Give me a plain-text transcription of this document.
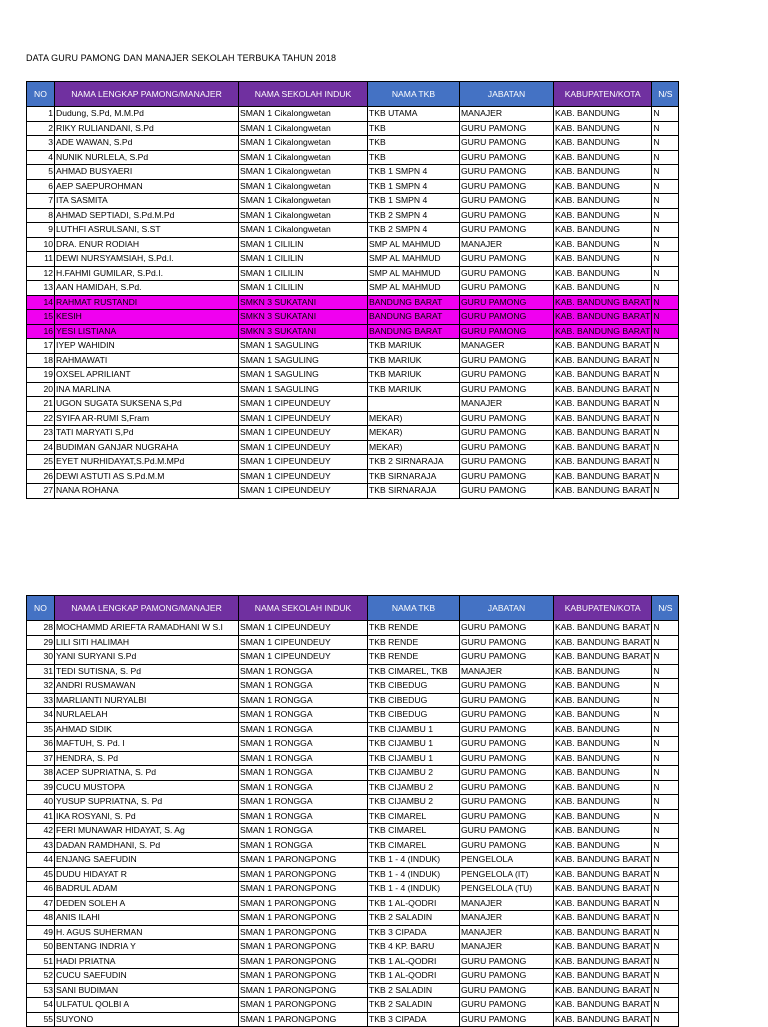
DATA GURU PAMONG DAN MANAJER SEKOLAH TERBUKA TAHUN 2018
NO	NAMA LENGKAP PAMONG/MANAJER	NAMA SEKOLAH INDUK	NAMA TKB	JABATAN	KABUPATEN/KOTA	N/S
1	Dudung, S.Pd, M.M.Pd	SMAN 1 Cikalongwetan	TKB UTAMA	MANAJER	KAB. BANDUNG	N
2	RIKY RULIANDANI, S.Pd	SMAN 1 Cikalongwetan	TKB	GURU PAMONG	KAB. BANDUNG	N
3	ADE WAWAN, S.Pd	SMAN 1 Cikalongwetan	TKB	GURU PAMONG	KAB. BANDUNG	N
4	NUNIK NURLELA, S.Pd	SMAN 1 Cikalongwetan	TKB	GURU PAMONG	KAB. BANDUNG	N
5	AHMAD BUSYAERI	SMAN 1 Cikalongwetan	TKB 1 SMPN 4	GURU PAMONG	KAB. BANDUNG	N
6	AEP SAEPUROHMAN	SMAN 1 Cikalongwetan	TKB 1 SMPN 4	GURU PAMONG	KAB. BANDUNG	N
7	ITA SASMITA	SMAN 1 Cikalongwetan	TKB 1 SMPN 4	GURU PAMONG	KAB. BANDUNG	N
8	AHMAD SEPTIADI, S.Pd.M.Pd	SMAN 1 Cikalongwetan	TKB 2 SMPN 4	GURU PAMONG	KAB. BANDUNG	N
9	LUTHFI ASRULSANI, S.ST	SMAN 1 Cikalongwetan	TKB 2 SMPN 4	GURU PAMONG	KAB. BANDUNG	N
10	DRA. ENUR RODIAH	SMAN 1 CILILIN	SMP AL MAHMUD	MANAJER	KAB. BANDUNG	N
11	DEWI NURSYAMSIAH, S.Pd.I.	SMAN 1 CILILIN	SMP AL MAHMUD	GURU PAMONG	KAB. BANDUNG	N
12	H.FAHMI GUMILAR, S.Pd.I.	SMAN 1 CILILIN	SMP AL MAHMUD	GURU PAMONG	KAB. BANDUNG	N
13	AAN HAMIDAH, S.Pd.	SMAN 1 CILILIN	SMP AL MAHMUD	GURU PAMONG	KAB. BANDUNG	N
14	RAHMAT RUSTANDI	SMKN 3 SUKATANI	BANDUNG BARAT	GURU PAMONG	KAB. BANDUNG BARAT	N
15	KESIH	SMKN 3 SUKATANI	BANDUNG BARAT	GURU PAMONG	KAB. BANDUNG BARAT	N
16	YESI LISTIANA	SMKN 3 SUKATANI	BANDUNG BARAT	GURU PAMONG	KAB. BANDUNG BARAT	N
17	IYEP WAHIDIN	SMAN 1 SAGULING	TKB MARIUK	MANAGER	KAB. BANDUNG BARAT	N
18	RAHMAWATI	SMAN 1 SAGULING	TKB MARIUK	GURU PAMONG	KAB. BANDUNG BARAT	N
19	OXSEL APRILIANT	SMAN 1 SAGULING	TKB MARIUK	GURU PAMONG	KAB. BANDUNG BARAT	N
20	INA MARLINA	SMAN 1 SAGULING	TKB MARIUK	GURU PAMONG	KAB. BANDUNG BARAT	N
21	UGON SUGATA SUKSENA S,Pd	SMAN 1 CIPEUNDEUY		MANAJER	KAB. BANDUNG BARAT	N
22	SYIFA AR-RUMI S,Fram	SMAN 1 CIPEUNDEUY	MEKAR)	GURU PAMONG	KAB. BANDUNG BARAT	N
23	TATI MARYATI S,Pd	SMAN 1 CIPEUNDEUY	MEKAR)	GURU PAMONG	KAB. BANDUNG BARAT	N
24	BUDIMAN GANJAR NUGRAHA	SMAN 1 CIPEUNDEUY	MEKAR)	GURU PAMONG	KAB. BANDUNG BARAT	N
25	EYET NURHIDAYAT,S.Pd.M.MPd	SMAN 1 CIPEUNDEUY	TKB 2 SIRNARAJA	GURU PAMONG	KAB. BANDUNG BARAT	N
26	DEWI ASTUTI AS S.Pd.M.M	SMAN 1 CIPEUNDEUY	TKB SIRNARAJA	GURU PAMONG	KAB. BANDUNG BARAT	N
27	NANA ROHANA	SMAN 1 CIPEUNDEUY	TKB SIRNARAJA	GURU PAMONG	KAB. BANDUNG BARAT	N
NO	NAMA LENGKAP PAMONG/MANAJER	NAMA SEKOLAH INDUK	NAMA TKB	JABATAN	KABUPATEN/KOTA	N/S
28	MOCHAMMD ARIEFTA RAMADHANI W S.I	SMAN 1 CIPEUNDEUY	TKB RENDE	GURU PAMONG	KAB. BANDUNG BARAT	N
29	LILI SITI HALIMAH	SMAN 1 CIPEUNDEUY	TKB RENDE	GURU PAMONG	KAB. BANDUNG BARAT	N
30	YANI SURYANI S.Pd	SMAN 1 CIPEUNDEUY	TKB RENDE	GURU PAMONG	KAB. BANDUNG BARAT	N
31	TEDI SUTISNA, S. Pd	SMAN 1 RONGGA	TKB CIMAREL, TKB	MANAJER	KAB. BANDUNG	N
32	ANDRI RUSMAWAN	SMAN 1 RONGGA	TKB CIBEDUG	GURU PAMONG	KAB. BANDUNG	N
33	MARLIANTI NURYALBI	SMAN 1 RONGGA	TKB CIBEDUG	GURU PAMONG	KAB. BANDUNG	N
34	NURLAELAH	SMAN 1 RONGGA	TKB CIBEDUG	GURU PAMONG	KAB. BANDUNG	N
35	AHMAD SIDIK	SMAN 1 RONGGA	TKB CIJAMBU 1	GURU PAMONG	KAB. BANDUNG	N
36	MAFTUH, S. Pd. I	SMAN 1 RONGGA	TKB CIJAMBU 1	GURU PAMONG	KAB. BANDUNG	N
37	HENDRA, S. Pd	SMAN 1 RONGGA	TKB CIJAMBU 1	GURU PAMONG	KAB. BANDUNG	N
38	ACEP SUPRIATNA, S. Pd	SMAN 1 RONGGA	TKB CIJAMBU 2	GURU PAMONG	KAB. BANDUNG	N
39	CUCU MUSTOPA	SMAN 1 RONGGA	TKB CIJAMBU 2	GURU PAMONG	KAB. BANDUNG	N
40	YUSUP SUPRIATNA, S. Pd	SMAN 1 RONGGA	TKB CIJAMBU 2	GURU PAMONG	KAB. BANDUNG	N
41	IKA ROSYANI, S. Pd	SMAN 1 RONGGA	TKB CIMAREL	GURU PAMONG	KAB. BANDUNG	N
42	FERI MUNAWAR HIDAYAT, S. Ag	SMAN 1 RONGGA	TKB CIMAREL	GURU PAMONG	KAB. BANDUNG	N
43	DADAN RAMDHANI, S. Pd	SMAN 1 RONGGA	TKB CIMAREL	GURU PAMONG	KAB. BANDUNG	N
44	ENJANG SAEFUDIN	SMAN 1 PARONGPONG	TKB 1 - 4 (INDUK)	PENGELOLA	KAB. BANDUNG BARAT	N
45	DUDU HIDAYAT R	SMAN 1 PARONGPONG	TKB 1 - 4 (INDUK)	PENGELOLA (IT)	KAB. BANDUNG BARAT	N
46	BADRUL ADAM	SMAN 1 PARONGPONG	TKB 1 - 4 (INDUK)	PENGELOLA (TU)	KAB. BANDUNG BARAT	N
47	DEDEN SOLEH A	SMAN 1 PARONGPONG	TKB 1 AL-QODRI	MANAJER	KAB. BANDUNG BARAT	N
48	ANIS ILAHI	SMAN 1 PARONGPONG	TKB 2 SALADIN	MANAJER	KAB. BANDUNG BARAT	N
49	H. AGUS SUHERMAN	SMAN 1 PARONGPONG	TKB 3 CIPADA	MANAJER	KAB. BANDUNG BARAT	N
50	BENTANG INDRIA Y	SMAN 1 PARONGPONG	TKB 4 KP. BARU	MANAJER	KAB. BANDUNG BARAT	N
51	HADI PRIATNA	SMAN 1 PARONGPONG	TKB 1 AL-QODRI	GURU PAMONG	KAB. BANDUNG BARAT	N
52	CUCU SAEFUDIN	SMAN 1 PARONGPONG	TKB 1 AL-QODRI	GURU PAMONG	KAB. BANDUNG BARAT	N
53	SANI BUDIMAN	SMAN 1 PARONGPONG	TKB 2 SALADIN	GURU PAMONG	KAB. BANDUNG BARAT	N
54	ULFATUL QOLBI A	SMAN 1 PARONGPONG	TKB 2 SALADIN	GURU PAMONG	KAB. BANDUNG BARAT	N
55	SUYONO	SMAN 1 PARONGPONG	TKB 3 CIPADA	GURU PAMONG	KAB. BANDUNG BARAT	N
